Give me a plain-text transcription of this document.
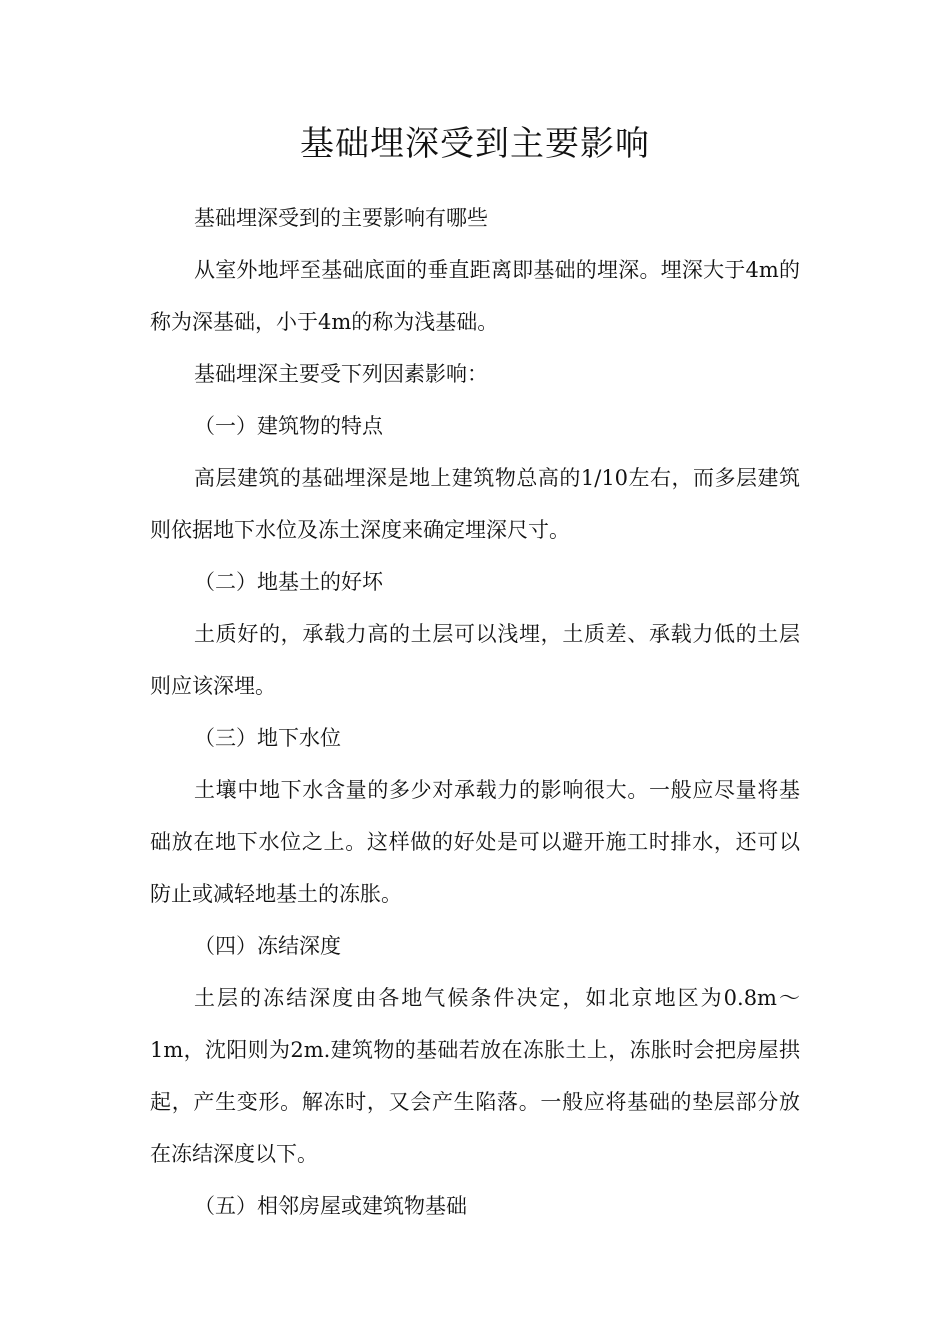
基础埋深受到主要影响

基础埋深受到的主要影响有哪些

从室外地坪至基础底面的垂直距离即基础的埋深。埋深大于4m的称为深基础，小于4m的称为浅基础。

基础埋深主要受下列因素影响：

（一）建筑物的特点

高层建筑的基础埋深是地上建筑物总高的1/10左右，而多层建筑则依据地下水位及冻土深度来确定埋深尺寸。

（二）地基土的好坏

土质好的，承载力高的土层可以浅埋，土质差、承载力低的土层则应该深埋。

（三）地下水位

土壤中地下水含量的多少对承载力的影响很大。一般应尽量将基础放在地下水位之上。这样做的好处是可以避开施工时排水，还可以防止或减轻地基土的冻胀。

（四）冻结深度

土层的冻结深度由各地气候条件决定，如北京地区为0.8m～1m，沈阳则为2m.建筑物的基础若放在冻胀土上，冻胀时会把房屋拱起，产生变形。解冻时，又会产生陷落。一般应将基础的垫层部分放在冻结深度以下。

（五）相邻房屋或建筑物基础
